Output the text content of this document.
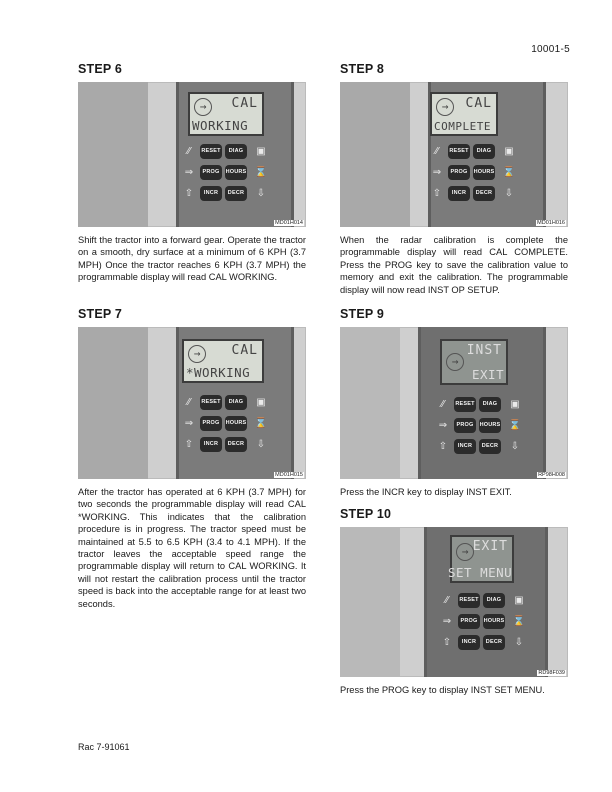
10001-5
STEP 6
→	CAL
WORKING
⁄⁄	RESET	DIAG	▣
⇒	PROG	HOURS ⌛
⇧	INCR	DECR ⇩
MD01H014
Shift the tractor into a forward gear. Operate the tractor on a smooth, dry surface at a minimum of 6 KPH (3.7 MPH) Once the tractor reaches 6 KPH (3.7 MPH) the programmable display will read CAL WORKING.
STEP 7
→	CAL
*WORKING
⁄⁄	RESET	DIAG	▣
⇒	PROG	HOURS ⌛
⇧	INCR	DECR ⇩
MD01H015
After the tractor has operated at 6 KPH (3.7 MPH) for two seconds the programmable display will read CAL *WORKING. This indicates that the calibration procedure is in progress. The tractor speed must be maintained at 5.5 to 6.5 KPH (3.4 to 4.1 MPH). If the tractor leaves the acceptable speed range the programmable display will return to CAL WORKING. It will not restart the calibration process until the tractor speed is back into the acceptable range for at least two seconds.
STEP 8
→	CAL
COMPLETE
⁄⁄	RESET	DIAG	▣
⇒	PROG	HOURS ⌛
⇧	INCR	DECR ⇩
MD01H016
When the radar calibration is complete the programmable display will read CAL COMPLETE. Press the PROG key to save the calibration value to memory and exit the calibration. The programmable display will now read INST OP SETUP.
STEP 9
→
INST
EXIT
⁄⁄	RESET	DIAG	▣
⇒	PROG	HOURS ⌛
⇧	INCR	DECR ⇩
RP98H008
Press the INCR key to display INST EXIT.
STEP 10
→ EXIT
SET MENU
⁄⁄	RESET	DIAG	▣
⇒	PROG	HOURS ⌛
⇧	INCR	DECR ⇩
RD98F039
Press the PROG key to display INST SET MENU.
Rac 7-91061
